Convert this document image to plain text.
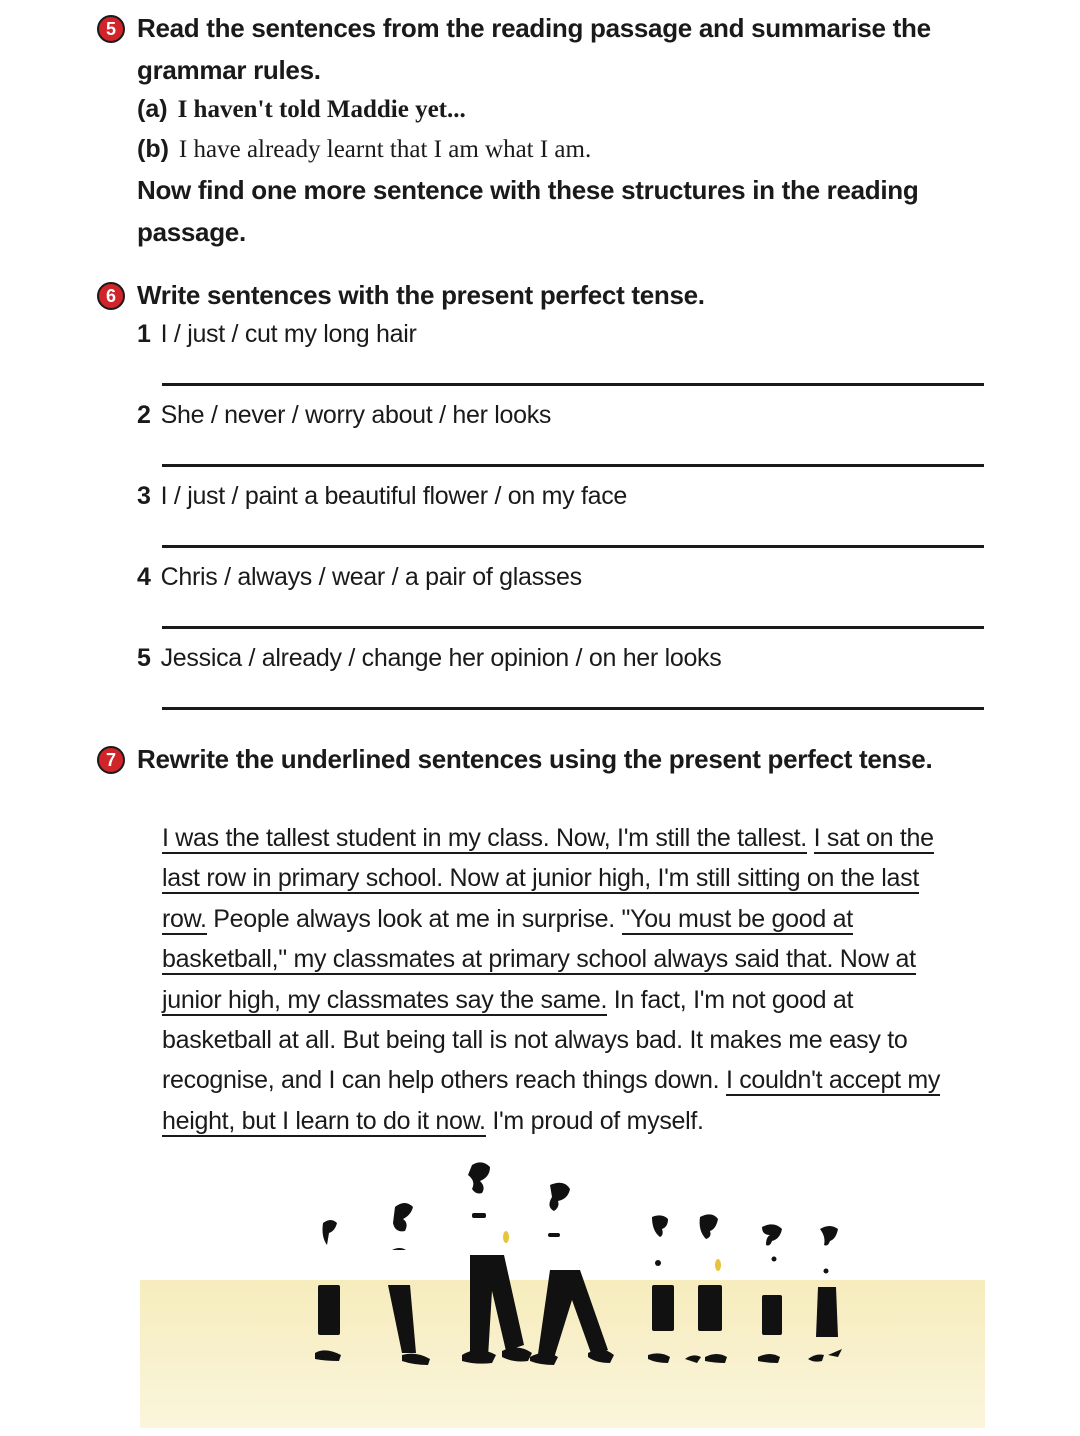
5 Read the sentences from the reading passage and summarise the
grammar rules.
(a) I haven't told Maddie yet...
(b) I have already learnt that I am what I am.
Now find one more sentence with these structures in the reading
passage.
6 Write sentences with the present perfect tense.
1 I / just / cut my long hair
2 She / never / worry about / her looks
3 I / just / paint a beautiful flower / on my face
4 Chris / always / wear / a pair of glasses
5 Jessica / already / change her opinion / on her looks
7 Rewrite the underlined sentences using the present perfect tense.
I was the tallest student in my class. Now, I'm still the tallest. I sat on the last row in primary school. Now at junior high, I'm still sitting on the last row. People always look at me in surprise. "You must be good at basketball," my classmates at primary school always said that. Now at junior high, my classmates say the same. In fact, I'm not good at basketball at all. But being tall is not always bad. It makes me easy to recognise, and I can help others reach things down. I couldn't accept my height, but I learn to do it now. I'm proud of myself.
